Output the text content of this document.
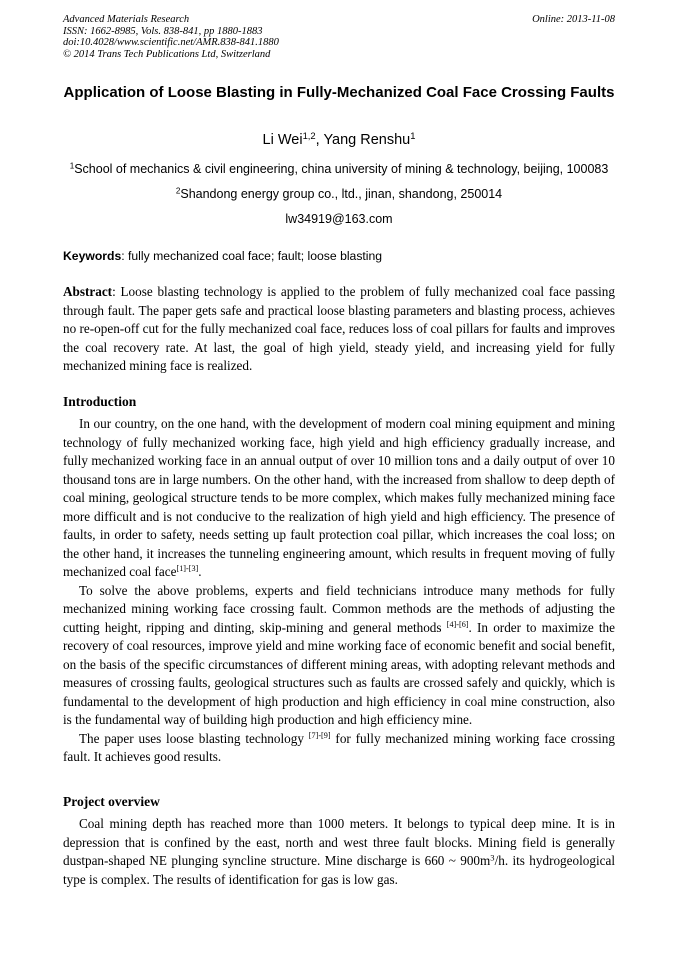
Advanced Materials Research
ISSN: 1662-8985, Vols. 838-841, pp 1880-1883
doi:10.4028/www.scientific.net/AMR.838-841.1880
© 2014 Trans Tech Publications Ltd, Switzerland
Online: 2013-11-08
Application of Loose Blasting in Fully-Mechanized Coal Face Crossing Faults
Li Wei$^{1,2}$, Yang Renshu$^1$
$^1$School of mechanics & civil engineering, china university of mining & technology, beijing, 100083
$^2$Shandong energy group co., ltd., jinan, shandong, 250014
lw34919@163.com
Keywords: fully mechanized coal face; fault; loose blasting
Abstract: Loose blasting technology is applied to the problem of fully mechanized coal face passing through fault. The paper gets safe and practical loose blasting parameters and blasting process, achieves no re-open-off cut for the fully mechanized coal face, reduces loss of coal pillars for faults and improves the coal recovery rate. At last, the goal of high yield, steady yield, and increasing yield for fully mechanized mining face is realized.
Introduction

In our country, on the one hand, with the development of modern coal mining equipment and mining technology of fully mechanized working face, high yield and high efficiency gradually increase, and fully mechanized working face in an annual output of over 10 million tons and a daily output of over 10 thousand tons are in large numbers. On the other hand, with the increased from shallow to deep depth of coal mining, geological structure tends to be more complex, which makes fully mechanized mining face more difficult and is not conducive to the realization of high yield and high efficiency. The presence of faults, in order to safety, needs setting up fault protection coal pillar, which increases the coal loss; on the other hand, it increases the tunneling engineering amount, which results in frequent moving of fully mechanized coal face[1]-[3].

To solve the above problems, experts and field technicians introduce many methods for fully mechanized mining working face crossing fault. Common methods are the methods of adjusting the cutting height, ripping and dinting, skip-mining and general methods [4]-[6]. In order to maximize the recovery of coal resources, improve yield and mine working face of economic benefit and social benefit, on the basis of the specific circumstances of different mining areas, with adopting relevant methods and measures of crossing faults, geological structures such as faults are crossed safely and quickly, which is fundamental to the development of high production and high efficiency in coal mine construction, also is the fundamental way of building high production and high efficiency mine.

The paper uses loose blasting technology [7]-[9] for fully mechanized mining working face crossing fault. It achieves good results.

Project overview

Coal mining depth has reached more than 1000 meters. It belongs to typical deep mine. It is in depression that is confined by the east, north and west three fault blocks. Mining field is generally dustpan-shaped NE plunging syncline structure. Mine discharge is 660 ~ $900m^3/h$. its hydrogeological type is complex. The results of identification for gas is low gas.
